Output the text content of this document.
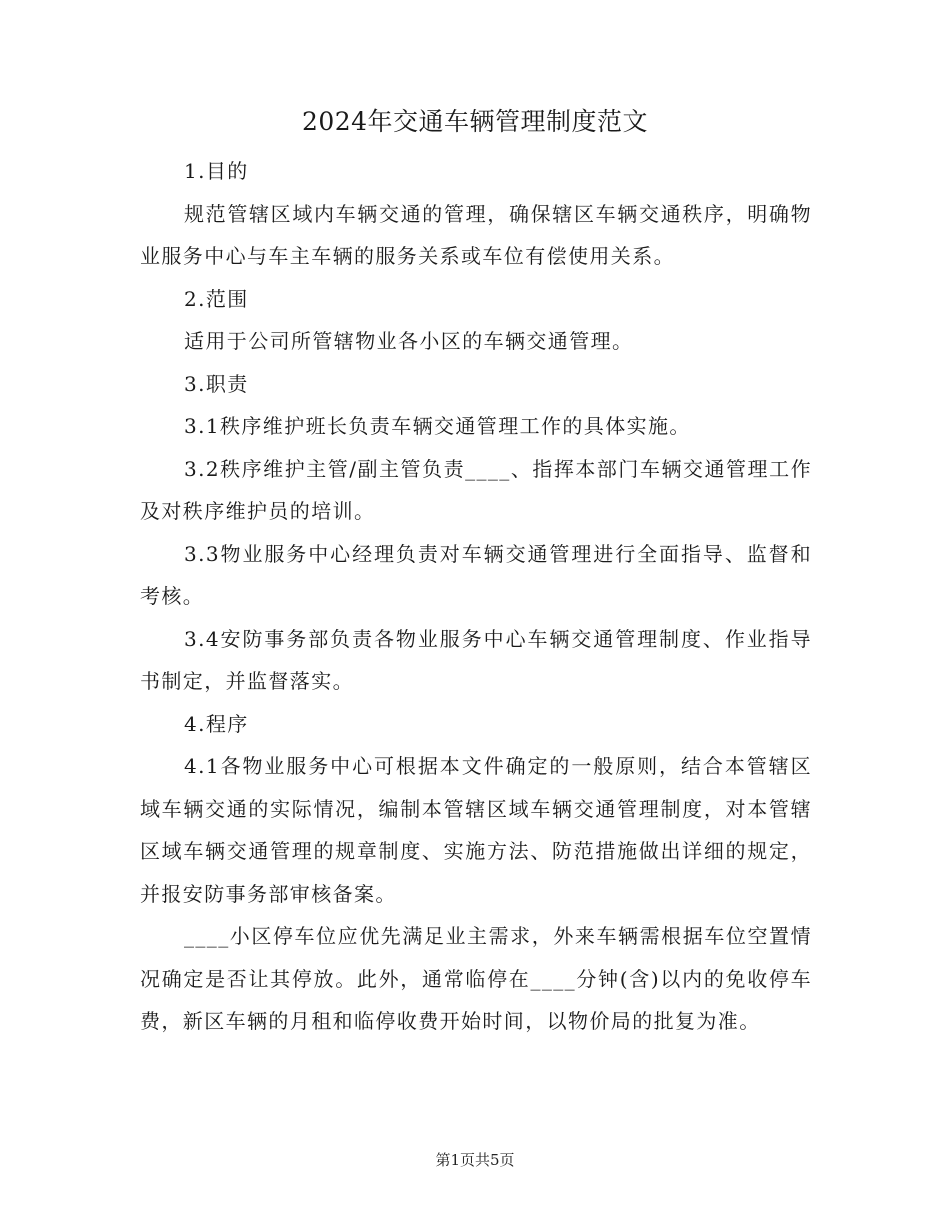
2024年交通车辆管理制度范文

1.目的

规范管辖区域内车辆交通的管理，确保辖区车辆交通秩序，明确物业服务中心与车主车辆的服务关系或车位有偿使用关系。

2.范围

适用于公司所管辖物业各小区的车辆交通管理。

3.职责

3.1秩序维护班长负责车辆交通管理工作的具体实施。

3.2秩序维护主管/副主管负责____、指挥本部门车辆交通管理工作及对秩序维护员的培训。

3.3物业服务中心经理负责对车辆交通管理进行全面指导、监督和考核。

3.4安防事务部负责各物业服务中心车辆交通管理制度、作业指导书制定，并监督落实。

4.程序

4.1各物业服务中心可根据本文件确定的一般原则，结合本管辖区域车辆交通的实际情况，编制本管辖区域车辆交通管理制度，对本管辖区域车辆交通管理的规章制度、实施方法、防范措施做出详细的规定，并报安防事务部审核备案。

____小区停车位应优先满足业主需求，外来车辆需根据车位空置情况确定是否让其停放。此外，通常临停在____分钟(含)以内的免收停车费，新区车辆的月租和临停收费开始时间，以物价局的批复为准。

第1页共5页
